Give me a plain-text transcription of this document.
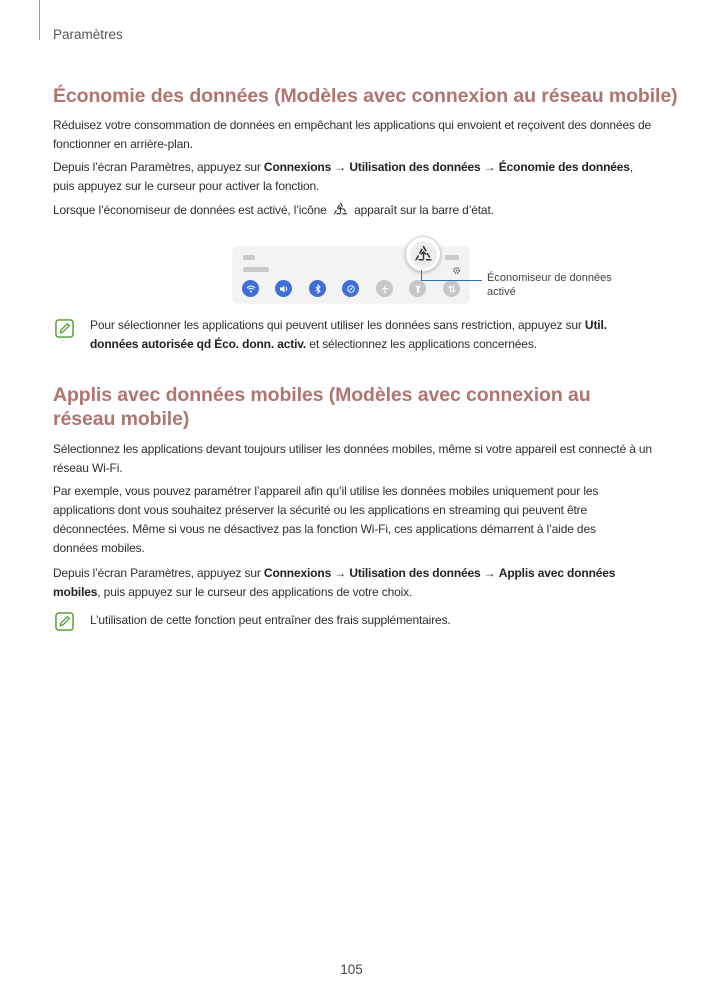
Paramètres
Économie des données (Modèles avec connexion au réseau mobile)

Réduisez votre consommation de données en empêchant les applications qui envoient et reçoivent des données de fonctionner en arrière-plan.

Depuis l’écran Paramètres, appuyez sur Connexions → Utilisation des données → Économie des données, puis appuyez sur le curseur pour activer la fonction.

Lorsque l’économiseur de données est activé, l’icône apparaît sur la barre d’état.

Économiseur de données activé

Pour sélectionner les applications qui peuvent utiliser les données sans restriction, appuyez sur Util. données autorisée qd Éco. donn. activ. et sélectionnez les applications concernées.

Applis avec données mobiles (Modèles avec connexion au réseau mobile)

Sélectionnez les applications devant toujours utiliser les données mobiles, même si votre appareil est connecté à un réseau Wi-Fi.

Par exemple, vous pouvez paramétrer l’appareil afin qu’il utilise les données mobiles uniquement pour les applications dont vous souhaitez préserver la sécurité ou les applications en streaming qui peuvent être déconnectées. Même si vous ne désactivez pas la fonction Wi-Fi, ces applications démarrent à l’aide des données mobiles.

Depuis l’écran Paramètres, appuyez sur Connexions → Utilisation des données → Applis avec données mobiles, puis appuyez sur le curseur des applications de votre choix.

L’utilisation de cette fonction peut entraîner des frais supplémentaires.

105
